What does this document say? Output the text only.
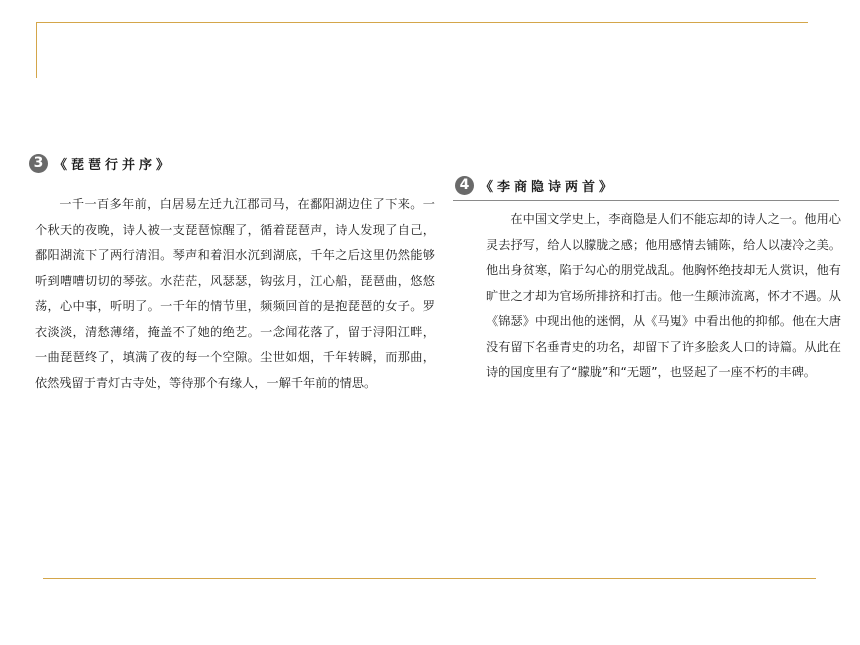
3 《琵琶行并序》

一千一百多年前，白居易左迁九江郡司马，在鄱阳湖边住了下来。一个秋天的夜晚，诗人被一支琵琶惊醒了，循着琵琶声，诗人发现了自己，鄱阳湖流下了两行清泪。琴声和着泪水沉到湖底，千年之后这里仍然能够听到嘈嘈切切的琴弦。水茫茫，风瑟瑟，钩弦月，江心船，琵琶曲，悠悠荡，心中事，听明了。一千年的情节里，频频回首的是抱琵琶的女子。罗衣淡淡，清愁薄绪，掩盖不了她的绝艺。一念闻花落了，留于浔阳江畔，一曲琵琶终了，填满了夜的每一个空隙。尘世如烟，千年转瞬，而那曲，依然残留于青灯古寺处，等待那个有缘人，一解千年前的情思。

4 《李商隐诗两首》

在中国文学史上，李商隐是人们不能忘却的诗人之一。他用心灵去抒写，给人以朦胧之感；他用感情去铺陈，给人以凄冷之美。他出身贫寒，陷于勾心的朋党战乱。他胸怀绝技却无人赏识，他有旷世之才却为官场所排挤和打击。他一生颠沛流离，怀才不遇。从《锦瑟》中现出他的迷惘，从《马嵬》中看出他的抑郁。他在大唐没有留下名垂青史的功名，却留下了许多脍炙人口的诗篇。从此在诗的国度里有了“朦胧”和“无题”，也竖起了一座不朽的丰碑。
